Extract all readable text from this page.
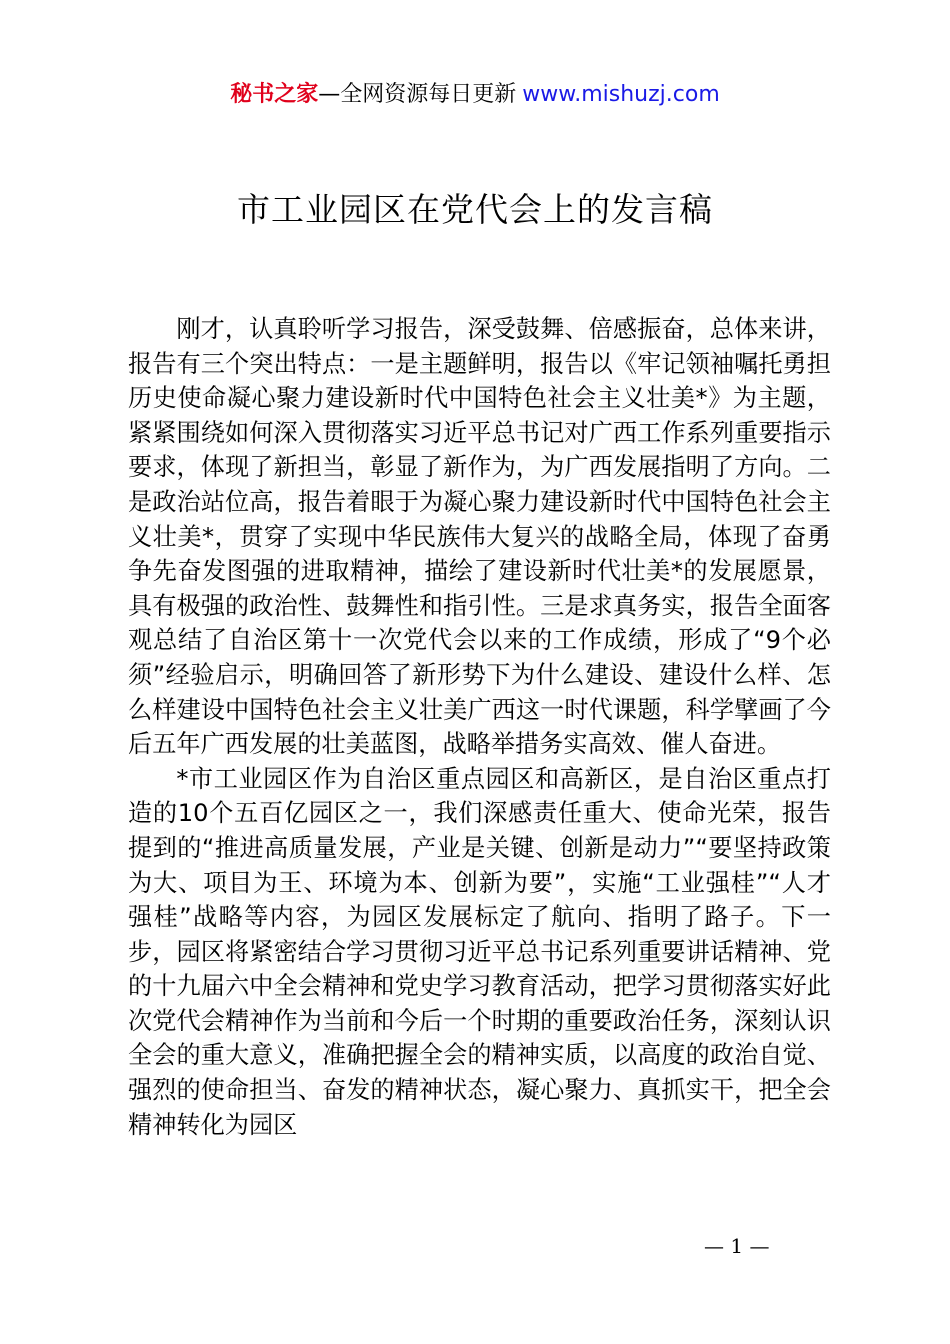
秘书之家—全网资源每日更新 www.mishuzj.com
市工业园区在党代会上的发言稿

刚才，认真聆听学习报告，深受鼓舞、倍感振奋，总体来讲，报告有三个突出特点：一是主题鲜明，报告以《牢记领袖嘱托勇担历史使命凝心聚力建设新时代中国特色社会主义壮美*》为主题，紧紧围绕如何深入贯彻落实习近平总书记对广西工作系列重要指示要求，体现了新担当，彰显了新作为，为广西发展指明了方向。二是政治站位高，报告着眼于为凝心聚力建设新时代中国特色社会主义壮美*，贯穿了实现中华民族伟大复兴的战略全局，体现了奋勇争先奋发图强的进取精神，描绘了建设新时代壮美*的发展愿景，具有极强的政治性、鼓舞性和指引性。三是求真务实，报告全面客观总结了自治区第十一次党代会以来的工作成绩，形成了“9个必须”经验启示，明确回答了新形势下为什么建设、建设什么样、怎么样建设中国特色社会主义壮美广西这一时代课题，科学擘画了今后五年广西发展的壮美蓝图，战略举措务实高效、催人奋进。

*市工业园区作为自治区重点园区和高新区，是自治区重点打造的10个五百亿园区之一，我们深感责任重大、使命光荣，报告提到的“推进高质量发展，产业是关键、创新是动力”“要坚持政策为大、项目为王、环境为本、创新为要”，实施“工业强桂”“人才强桂”战略等内容，为园区发展标定了航向、指明了路子。下一步，园区将紧密结合学习贯彻习近平总书记系列重要讲话精神、党的十九届六中全会精神和党史学习教育活动，把学习贯彻落实好此次党代会精神作为当前和今后一个时期的重要政治任务，深刻认识全会的重大意义，准确把握全会的精神实质，以高度的政治自觉、强烈的使命担当、奋发的精神状态，凝心聚力、真抓实干，把全会精神转化为园区

— 1 —
